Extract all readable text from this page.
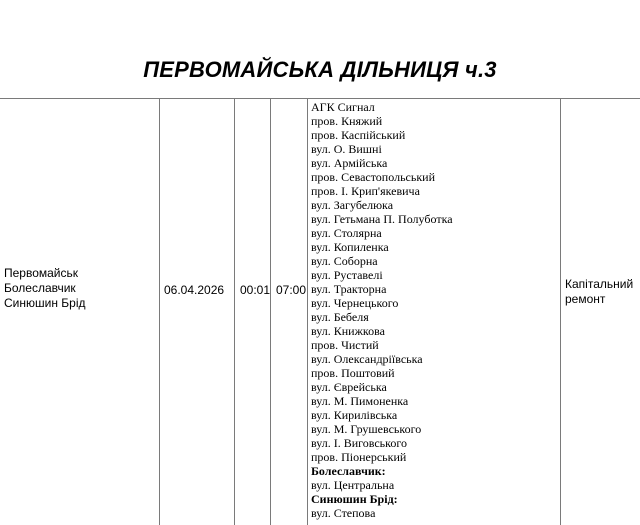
ПЕРВОМАЙСЬКА ДІЛЬНИЦЯ ч.3
Первомайськ
Болеславчик
Синюшин Брід
06.04.2026 00:01 07:00
АГК Сигнал
пров. Княжий
пров. Каспійський
вул. О. Вишні
вул. Армійська
пров. Севастопольський
пров. І. Крип'якевича
вул. Загубелюка
вул. Гетьмана П. Полуботка
вул. Столярна
вул. Копиленка
вул. Соборна
вул. Руставелі
вул. Тракторна
вул. Чернецького
вул. Бебеля
вул. Книжкова
пров. Чистий
вул. Олександріївська
пров. Поштовий
вул. Єврейська
вул. М. Пимоненка
вул. Кирилівська
вул. М. Грушевського
вул. І. Виговського
пров. Піонерський
Болеславчик:
вул. Центральна
Синюшин Брід:
вул. Степова
Капітальний
ремонт
